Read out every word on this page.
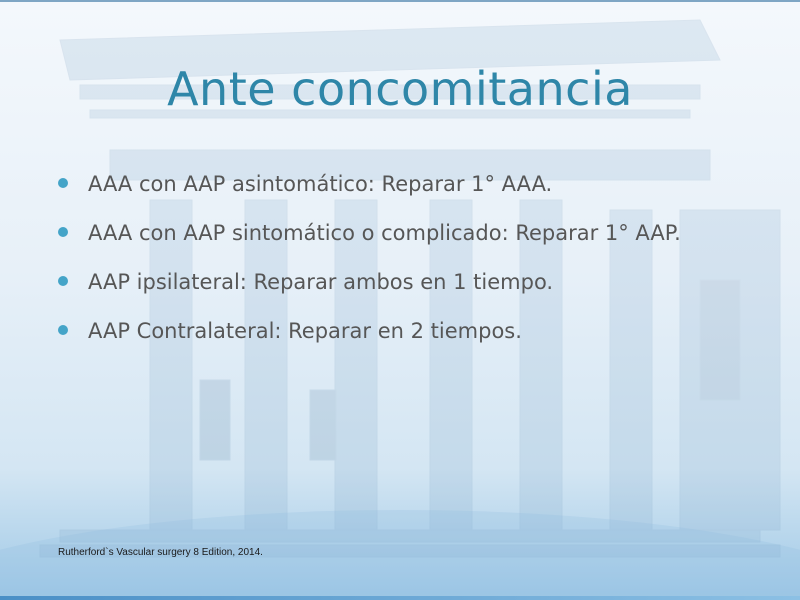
Ante concomitancia
AAA con AAP asintomático: Reparar 1° AAA.
AAA con AAP sintomático o complicado: Reparar 1° AAP.
AAP ipsilateral: Reparar ambos en 1 tiempo.
AAP Contralateral: Reparar en 2 tiempos.
Rutherford`s Vascular surgery 8 Edition, 2014.
